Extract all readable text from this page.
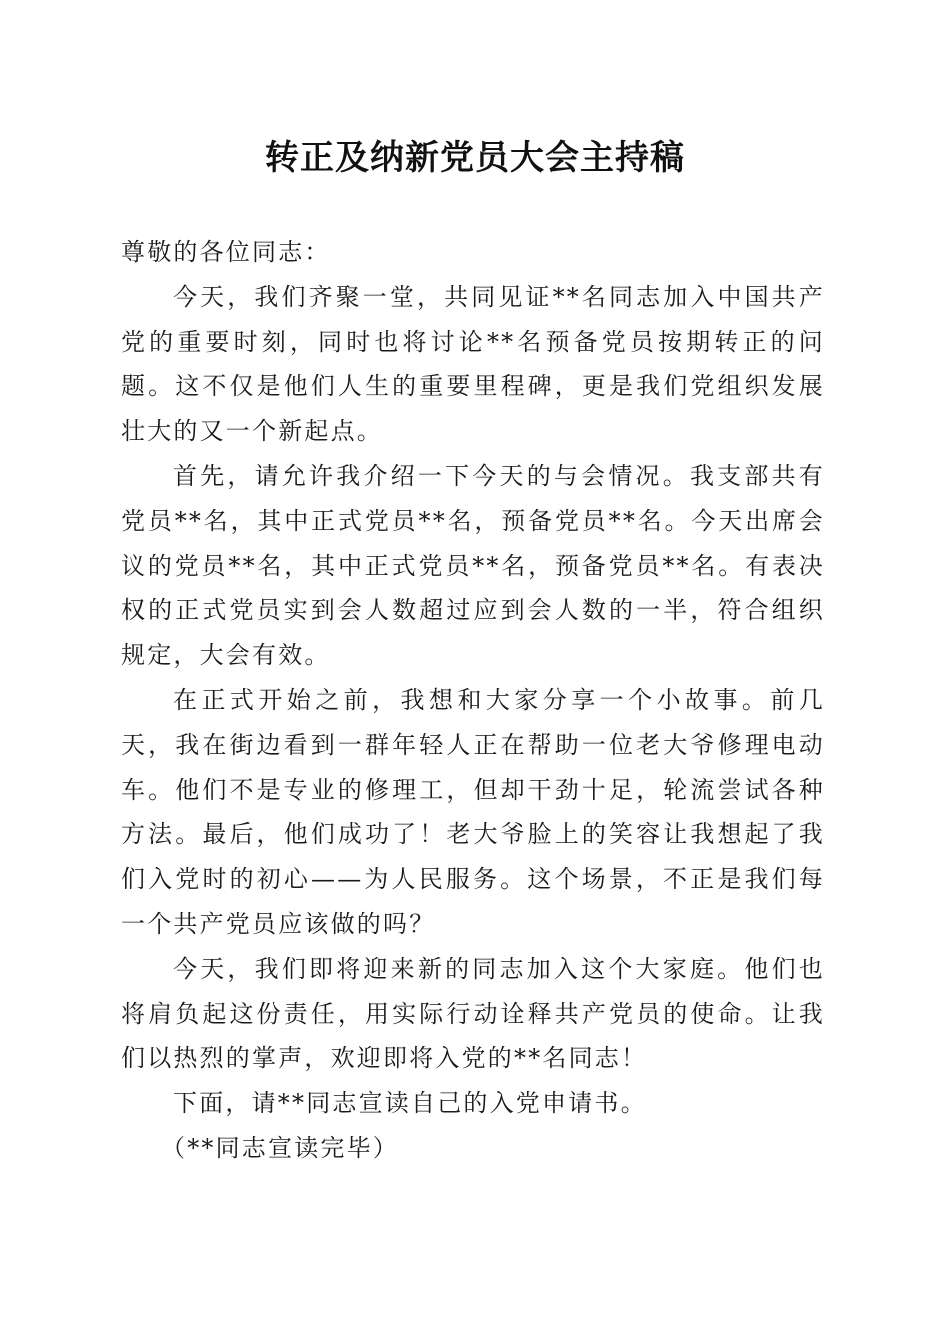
转正及纳新党员大会主持稿

尊敬的各位同志：

今天，我们齐聚一堂，共同见证**名同志加入中国共产党的重要时刻，同时也将讨论**名预备党员按期转正的问题。这不仅是他们人生的重要里程碑，更是我们党组织发展壮大的又一个新起点。

首先，请允许我介绍一下今天的与会情况。我支部共有党员**名，其中正式党员**名，预备党员**名。今天出席会议的党员**名，其中正式党员**名，预备党员**名。有表决权的正式党员实到会人数超过应到会人数的一半，符合组织规定，大会有效。

在正式开始之前，我想和大家分享一个小故事。前几天，我在街边看到一群年轻人正在帮助一位老大爷修理电动车。他们不是专业的修理工，但却干劲十足，轮流尝试各种方法。最后，他们成功了！老大爷脸上的笑容让我想起了我们入党时的初心——为人民服务。这个场景，不正是我们每一个共产党员应该做的吗？

今天，我们即将迎来新的同志加入这个大家庭。他们也将肩负起这份责任，用实际行动诠释共产党员的使命。让我们以热烈的掌声，欢迎即将入党的**名同志！

下面，请**同志宣读自己的入党申请书。

（**同志宣读完毕）
